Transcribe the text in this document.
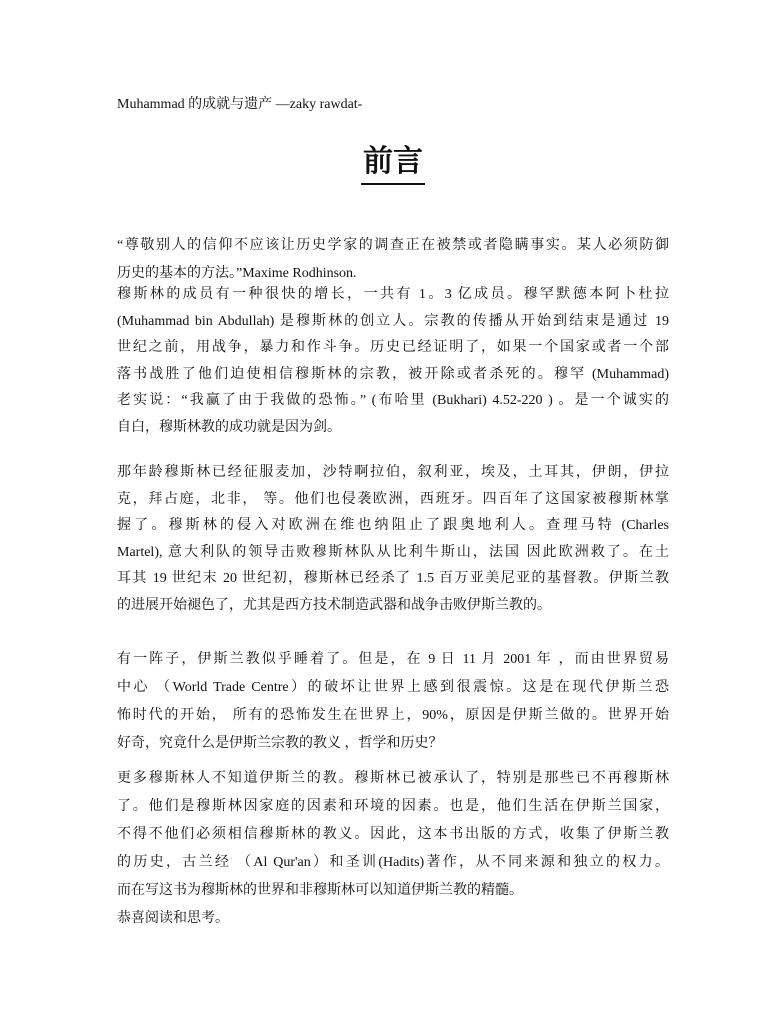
Muhammad 的成就与遗产 —zaky rawdat-
前言
“尊敬别人的信仰不应该让历史学家的调查正在被禁或者隐瞒事实。某人必须防御
历史的基本的方法。”Maxime Rodhinson.
穆斯林的成员有一种很快的增长，一共有 1。3 亿成员。穆罕默德本阿卜杜拉
(Muhammad bin Abdullah) 是穆斯林的创立人。宗教的传播从开始到结束是通过 19
世纪之前，用战争，暴力和作斗争。历史已经证明了，如果一个国家或者一个部
落书战胜了他们迫使相信穆斯林的宗教，被开除或者杀死的。穆罕 (Muhammad)
老实说：“我赢了由于我做的恐怖。” (布哈里 (Bukhari) 4.52-220 ) 。是一个诚实的
自白，穆斯林教的成功就是因为剑。
那年龄穆斯林已经征服麦加，沙特啊拉伯，叙利亚，埃及，土耳其，伊朗，伊拉
克，拜占庭，北非， 等。他们也侵袭欧洲，西班牙。四百年了这国家被穆斯林掌
握了。穆斯林的侵入对欧洲在维也纳阻止了跟奥地利人。查理马特 (Charles
Martel), 意大利队的领导击败穆斯林队从比利牛斯山，法国 因此欧洲救了。在土
耳其 19 世纪末 20 世纪初，穆斯林已经杀了 1.5 百万亚美尼亚的基督教。伊斯兰教
的进展开始褪色了，尤其是西方技术制造武器和战争击败伊斯兰教的。
有一阵子，伊斯兰教似乎睡着了。但是，在 9 日 11 月 2001 年 ，而由世界贸易
中心 （World Trade Centre）的破坏让世界上感到很震惊。这是在现代伊斯兰恐
怖时代的开始， 所有的恐怖发生在世界上，90%，原因是伊斯兰做的。世界开始
好奇，究竟什么是伊斯兰宗教的教义 ，哲学和历史？
更多穆斯林人不知道伊斯兰的教。穆斯林已被承认了，特别是那些已不再穆斯林
了。他们是穆斯林因家庭的因素和环境的因素。也是，他们生活在伊斯兰国家，
不得不他们必须相信穆斯林的教义。因此，这本书出版的方式，收集了伊斯兰教
的历史，古兰经 （Al Qur'an）和圣训(Hadits)著作，从不同来源和独立的权力。
而在写这书为穆斯林的世界和非穆斯林可以知道伊斯兰教的精髓。
恭喜阅读和思考。
